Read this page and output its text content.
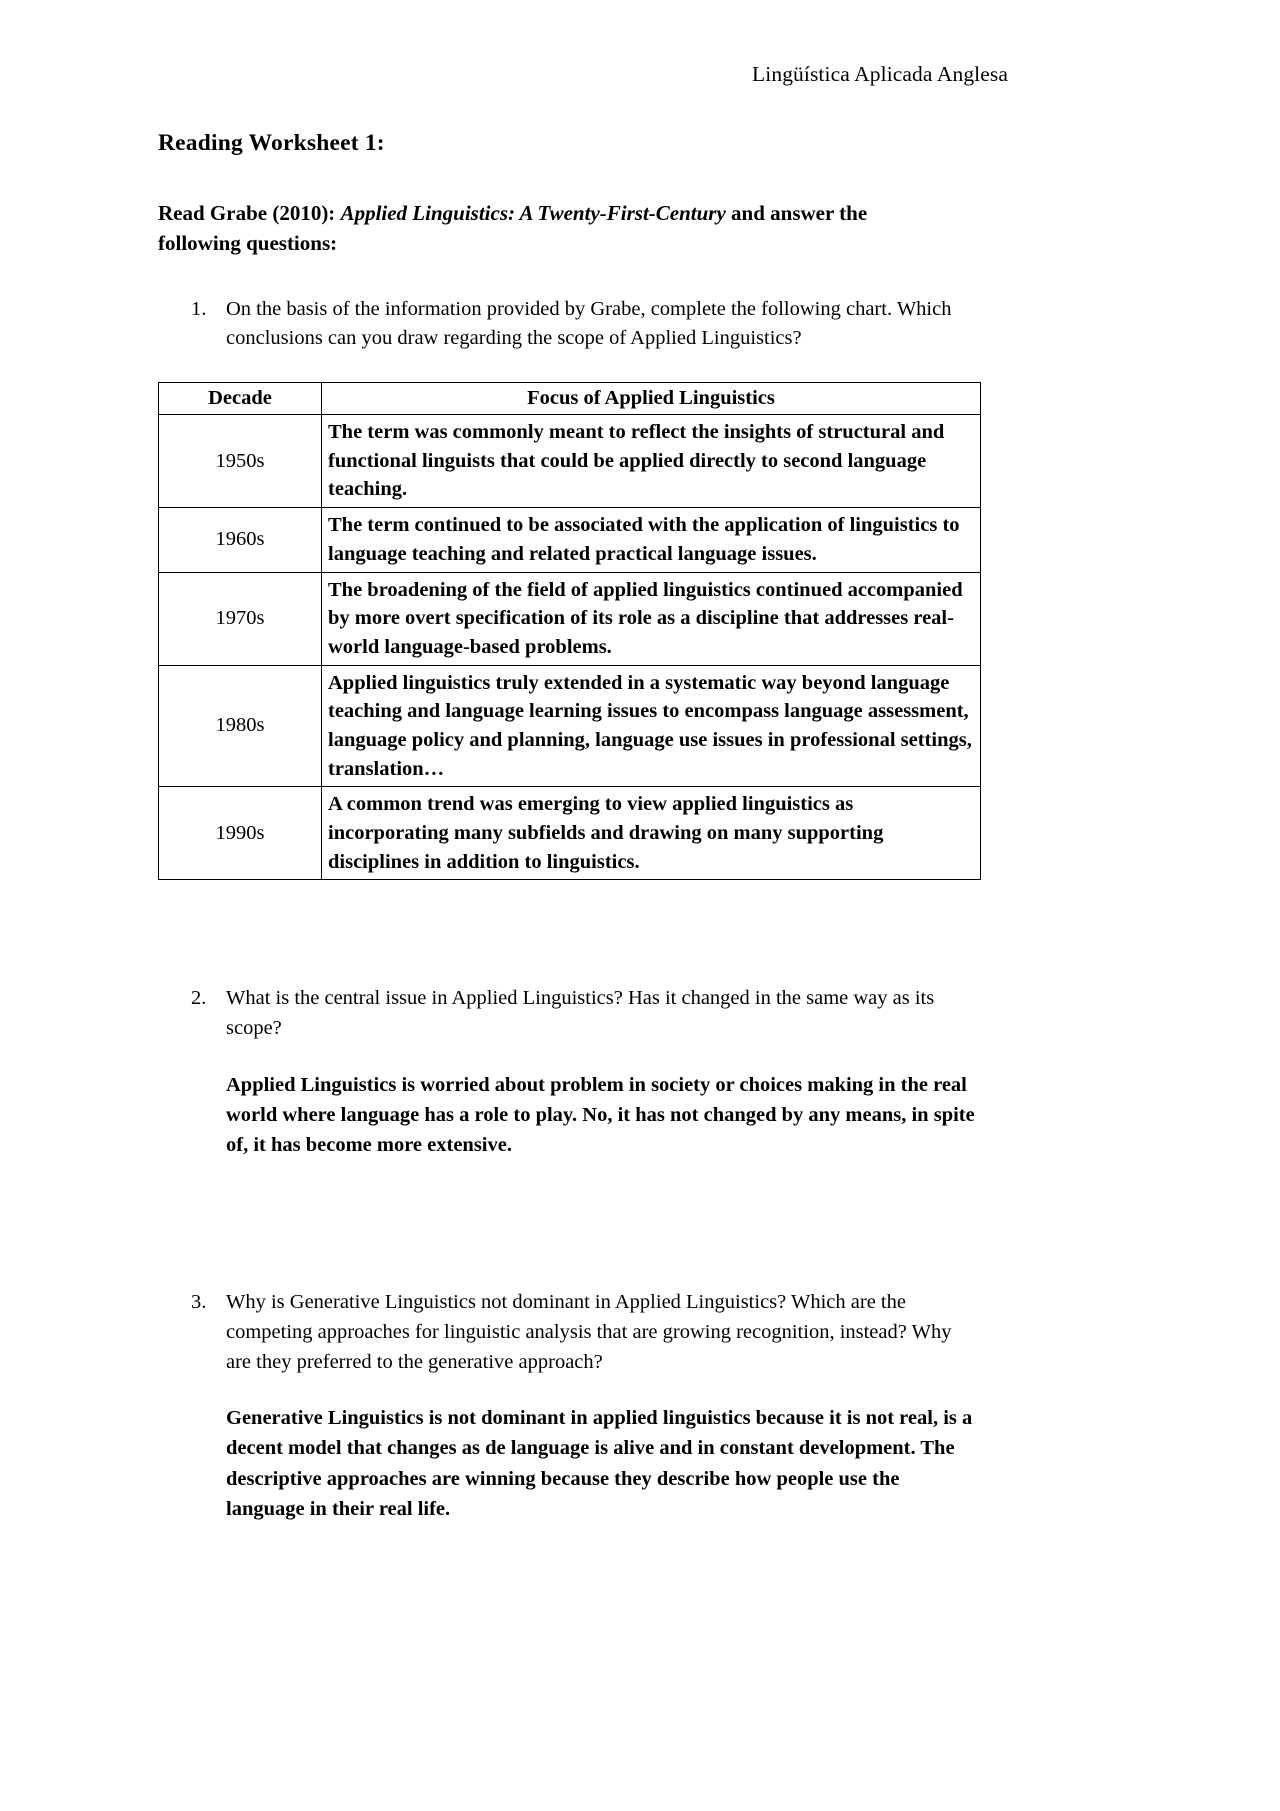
Lingüística Aplicada Anglesa
Reading Worksheet 1:

Read Grabe (2010): Applied Linguistics: A Twenty-First-Century and answer the following questions:

1. On the basis of the information provided by Grabe, complete the following chart. Which conclusions can you draw regarding the scope of Applied Linguistics?
Decade	Focus of Applied Linguistics
1950s	The term was commonly meant to reflect the insights of structural and functional linguists that could be applied directly to second language teaching.
1960s	The term continued to be associated with the application of linguistics to language teaching and related practical language issues.
1970s	The broadening of the field of applied linguistics continued accompanied by more overt specification of its role as a discipline that addresses real-world language-based problems.
1980s	Applied linguistics truly extended in a systematic way beyond language teaching and language learning issues to encompass language assessment, language policy and planning, language use issues in professional settings, translation…
1990s	A common trend was emerging to view applied linguistics as incorporating many subfields and drawing on many supporting disciplines in addition to linguistics.
2. What is the central issue in Applied Linguistics? Has it changed in the same way as its scope?
Applied Linguistics is worried about problem in society or choices making in the real world where language has a role to play. No, it has not changed by any means, in spite of, it has become more extensive.
3. Why is Generative Linguistics not dominant in Applied Linguistics? Which are the competing approaches for linguistic analysis that are growing recognition, instead? Why are they preferred to the generative approach?
Generative Linguistics is not dominant in applied linguistics because it is not real, is a decent model that changes as de language is alive and in constant development. The descriptive approaches are winning because they describe how people use the language in their real life.
